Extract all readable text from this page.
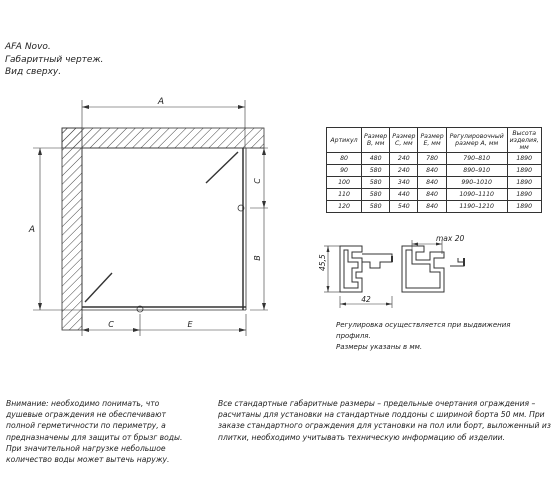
AFA Novo.
Габаритный чертеж.
Вид сверху.
A
A
C
B
C	E
Артикул	Размер B, мм	Размер C, мм	Размер E, мм	Регулировочный размер A, мм	Высота изделия, мм
80	480	240	780	790–810	1890
90	580	240	840	890–910	1890
100	580	340	840	990–1010	1890
110	580	440	840	1090–1110	1890
120	580	540	840	1190–1210	1890
max 20
45,5
42
Регулировка осуществляется при выдвижения
профиля.
Размеры указаны в мм.
Внимание: необходимо понимать, что душевые ограждения не обеспечивают полной герметичности по периметру, а предназначены для защиты от брызг воды. При значительной нагрузке небольшое количество воды может вытечь наружу.
Все стандартные габаритные размеры – предельные очертания ограждения – расчитаны для установки на стандартные поддоны с шириной борта 50 мм. При заказе стандартного ограждения для установки на пол или борт, выложенный из плитки, необходимо учитывать техническую информацию об изделии.
